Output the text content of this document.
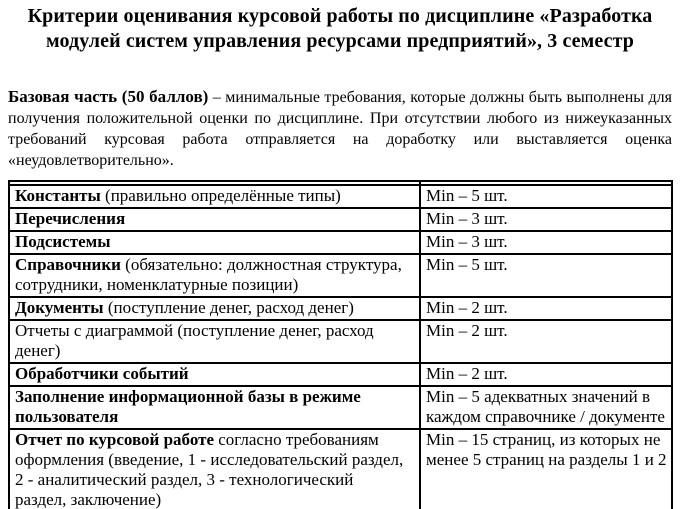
Критерии оценивания курсовой работы по дисциплине «Разработка
модулей систем управления ресурсами предприятий», 3 семестр

Базовая часть (50 баллов) – минимальные требования, которые должны быть выполнены для получения положительной оценки по дисциплине. При отсутствии любого из нижеуказанных требований курсовая работа отправляется на доработку или выставляется оценка «неудовлетворительно».

Константы (правильно определённые типы)	Min – 5 шт.
Перечисления	Min – 3 шт.
Подсистемы	Min – 3 шт.
Справочники (обязательно: должностная структура, сотрудники, номенклатурные позиции)	Min – 5 шт.
Документы (поступление денег, расход денег)	Min – 2 шт.
Отчеты с диаграммой (поступление денег, расход денег)	Min – 2 шт.
Обработчики событий	Min – 2 шт.
Заполнение информационной базы в режиме пользователя	Min – 5 адекватных значений в каждом справочнике / документе
Отчет по курсовой работе согласно требованиям оформления (введение, 1 - исследовательский раздел, 2 - аналитический раздел, 3 - технологический раздел, заключение)	Min – 15 страниц, из которых не менее 5 страниц на разделы 1 и 2
